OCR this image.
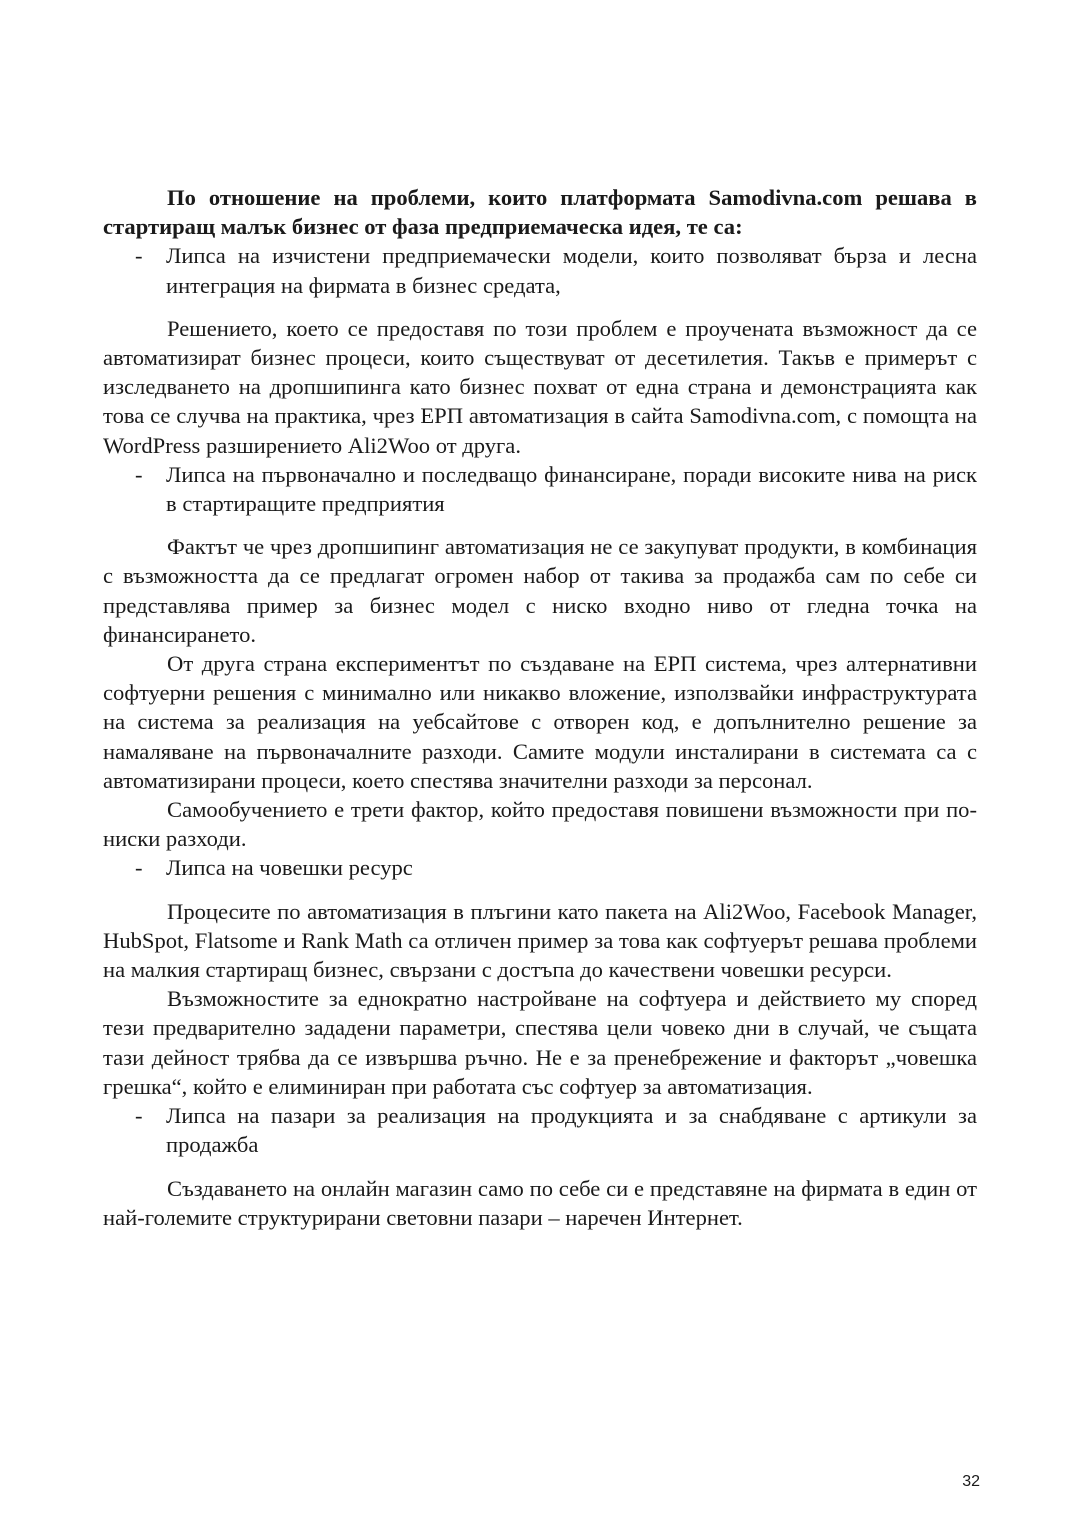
По отношение на проблеми, които платформата Samodivna.com решава в стартиращ малък бизнес от фаза предприемаческа идея, те са:

-	Липса на изчистени предприемачески модели, които позволяват бърза и лесна интеграция на фирмата в бизнес средата,

Решението, което се предоставя по този проблем е проучената възможност да се автоматизират бизнес процеси, които съществуват от десетилетия. Такъв е примерът с изследването на дропшипинга като бизнес похват от една страна и демонстрацията как това се случва на практика, чрез ЕРП автоматизация в сайта Samodivna.com, с помощта на WordPress разширението Ali2Woo от друга.

-	Липса на първоначално и последващо финансиране, поради високите нива на риск в стартиращите предприятия

Фактът че чрез дропшипинг автоматизация не се закупуват продукти, в комбинация с възможността да се предлагат огромен набор от такива за продажба сам по себе си представлява пример за бизнес модел с ниско входно ниво от гледна точка на финансирането.

От друга страна експериментът по създаване на ЕРП система, чрез алтернативни софтуерни решения с минимално или никакво вложение, използвайки инфраструктурата на система за реализация на уебсайтове с отворен код, е допълнително решение за намаляване на първоначалните разходи. Самите модули инсталирани в системата са с автоматизирани процеси, което спестява значителни разходи за персонал.

Самообучението е трети фактор, който предоставя повишени възможности при по-ниски разходи.

-	Липса на човешки ресурс

Процесите по автоматизация в плъгини като пакета на Ali2Woo, Facebook Manager, HubSpot, Flatsome и Rank Math са отличен пример за това как софтуерът решава проблеми на малкия стартиращ бизнес, свързани с достъпа до качествени човешки ресурси.

Възможностите за еднократно настройване на софтуера и действието му според тези предварително зададени параметри, спестява цели човеко дни в случай, че същата тази дейност трябва да се извършва ръчно. Не е за пренебрежение и факторът „човешка грешка“, който е елиминиран при работата със софтуер за автоматизация.

-	Липса на пазари за реализация на продукцията и за снабдяване с артикули за продажба

Създаването на онлайн магазин само по себе си е представяне на фирмата в един от най-големите структурирани световни пазари – наречен Интернет.

32
